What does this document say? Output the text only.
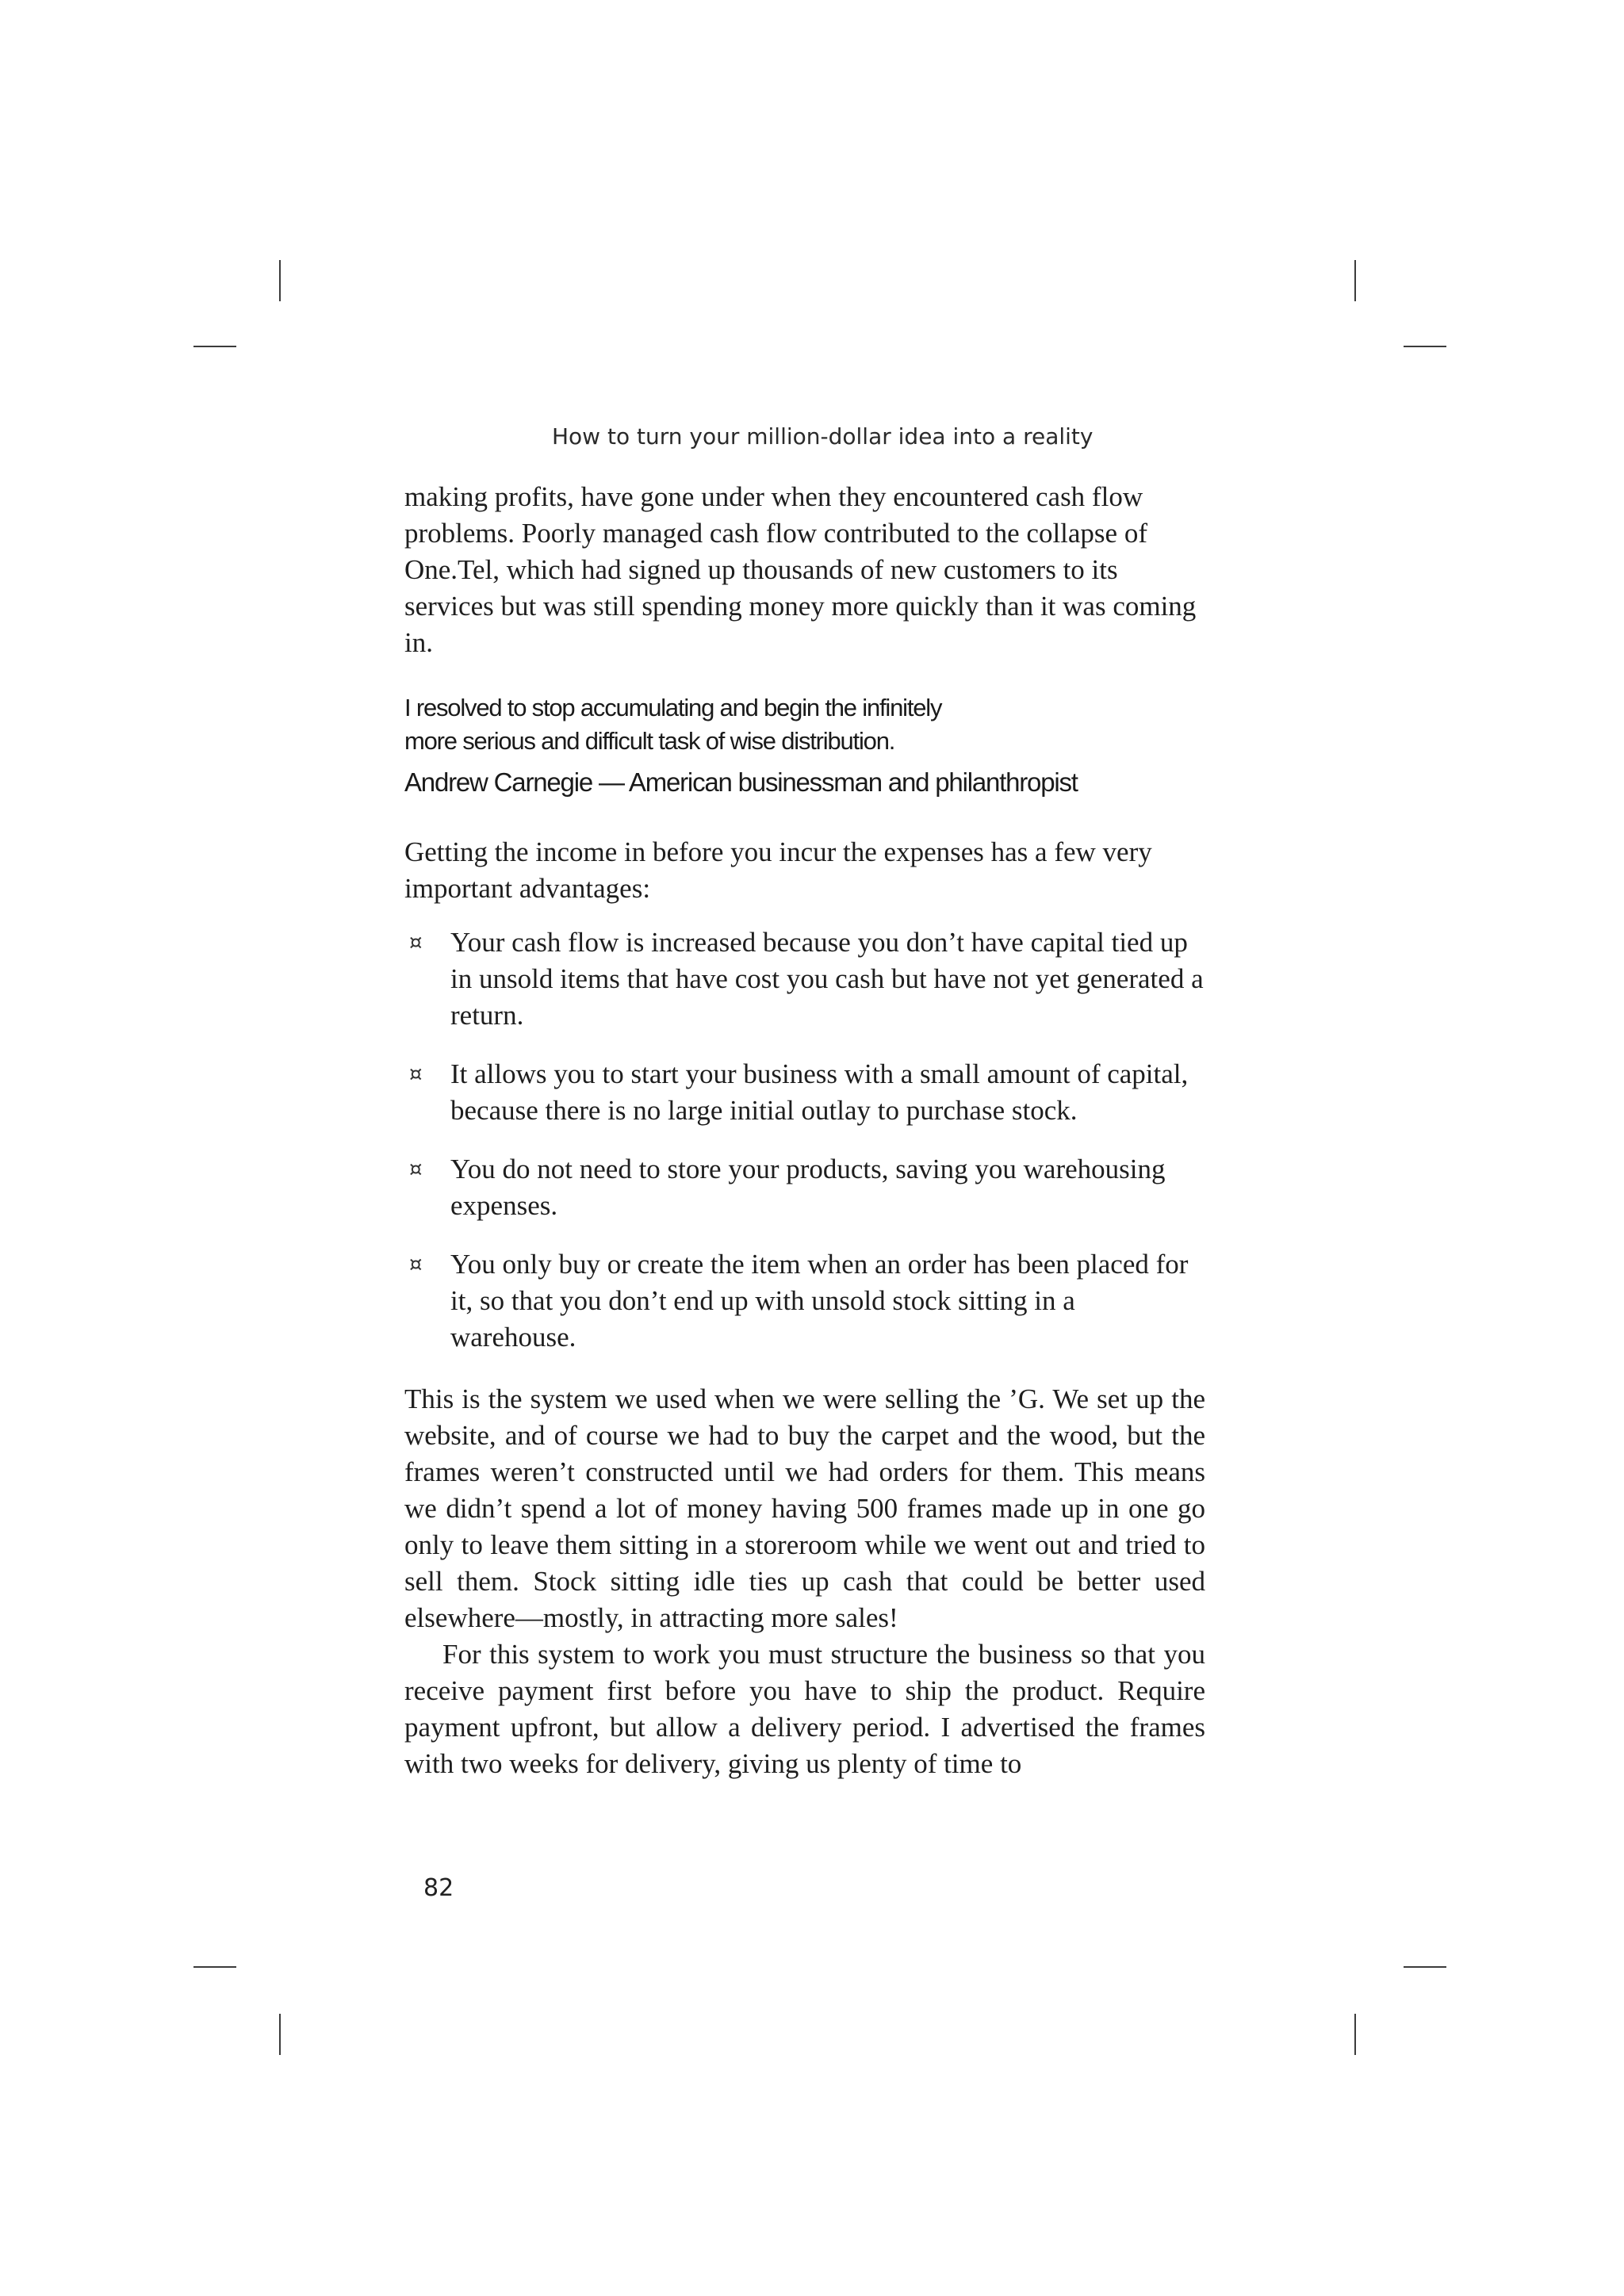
How to turn your million-dollar idea into a reality

making profits, have gone under when they encountered cash flow problems. Poorly managed cash flow contributed to the collapse of One.Tel, which had signed up thousands of new customers to its services but was still spending money more quickly than it was coming in.

I resolved to stop accumulating and begin the infinitely more serious and difficult task of wise distribution.
Andrew Carnegie — American businessman and philanthropist

Getting the income in before you incur the expenses has a few very important advantages:

¤ Your cash flow is increased because you don’t have capital tied up in unsold items that have cost you cash but have not yet generated a return.
¤ It allows you to start your business with a small amount of capital, because there is no large initial outlay to purchase stock.
¤ You do not need to store your products, saving you warehousing expenses.
¤ You only buy or create the item when an order has been placed for it, so that you don’t end up with unsold stock sitting in a warehouse.

This is the system we used when we were selling the ’G. We set up the website, and of course we had to buy the carpet and the wood, but the frames weren’t constructed until we had orders for them. This means we didn’t spend a lot of money having 500 frames made up in one go only to leave them sitting in a storeroom while we went out and tried to sell them. Stock sitting idle ties up cash that could be better used elsewhere—mostly, in attracting more sales!

For this system to work you must structure the business so that you receive payment first before you have to ship the product. Require payment upfront, but allow a delivery period. I advertised the frames with two weeks for delivery, giving us plenty of time to

82
